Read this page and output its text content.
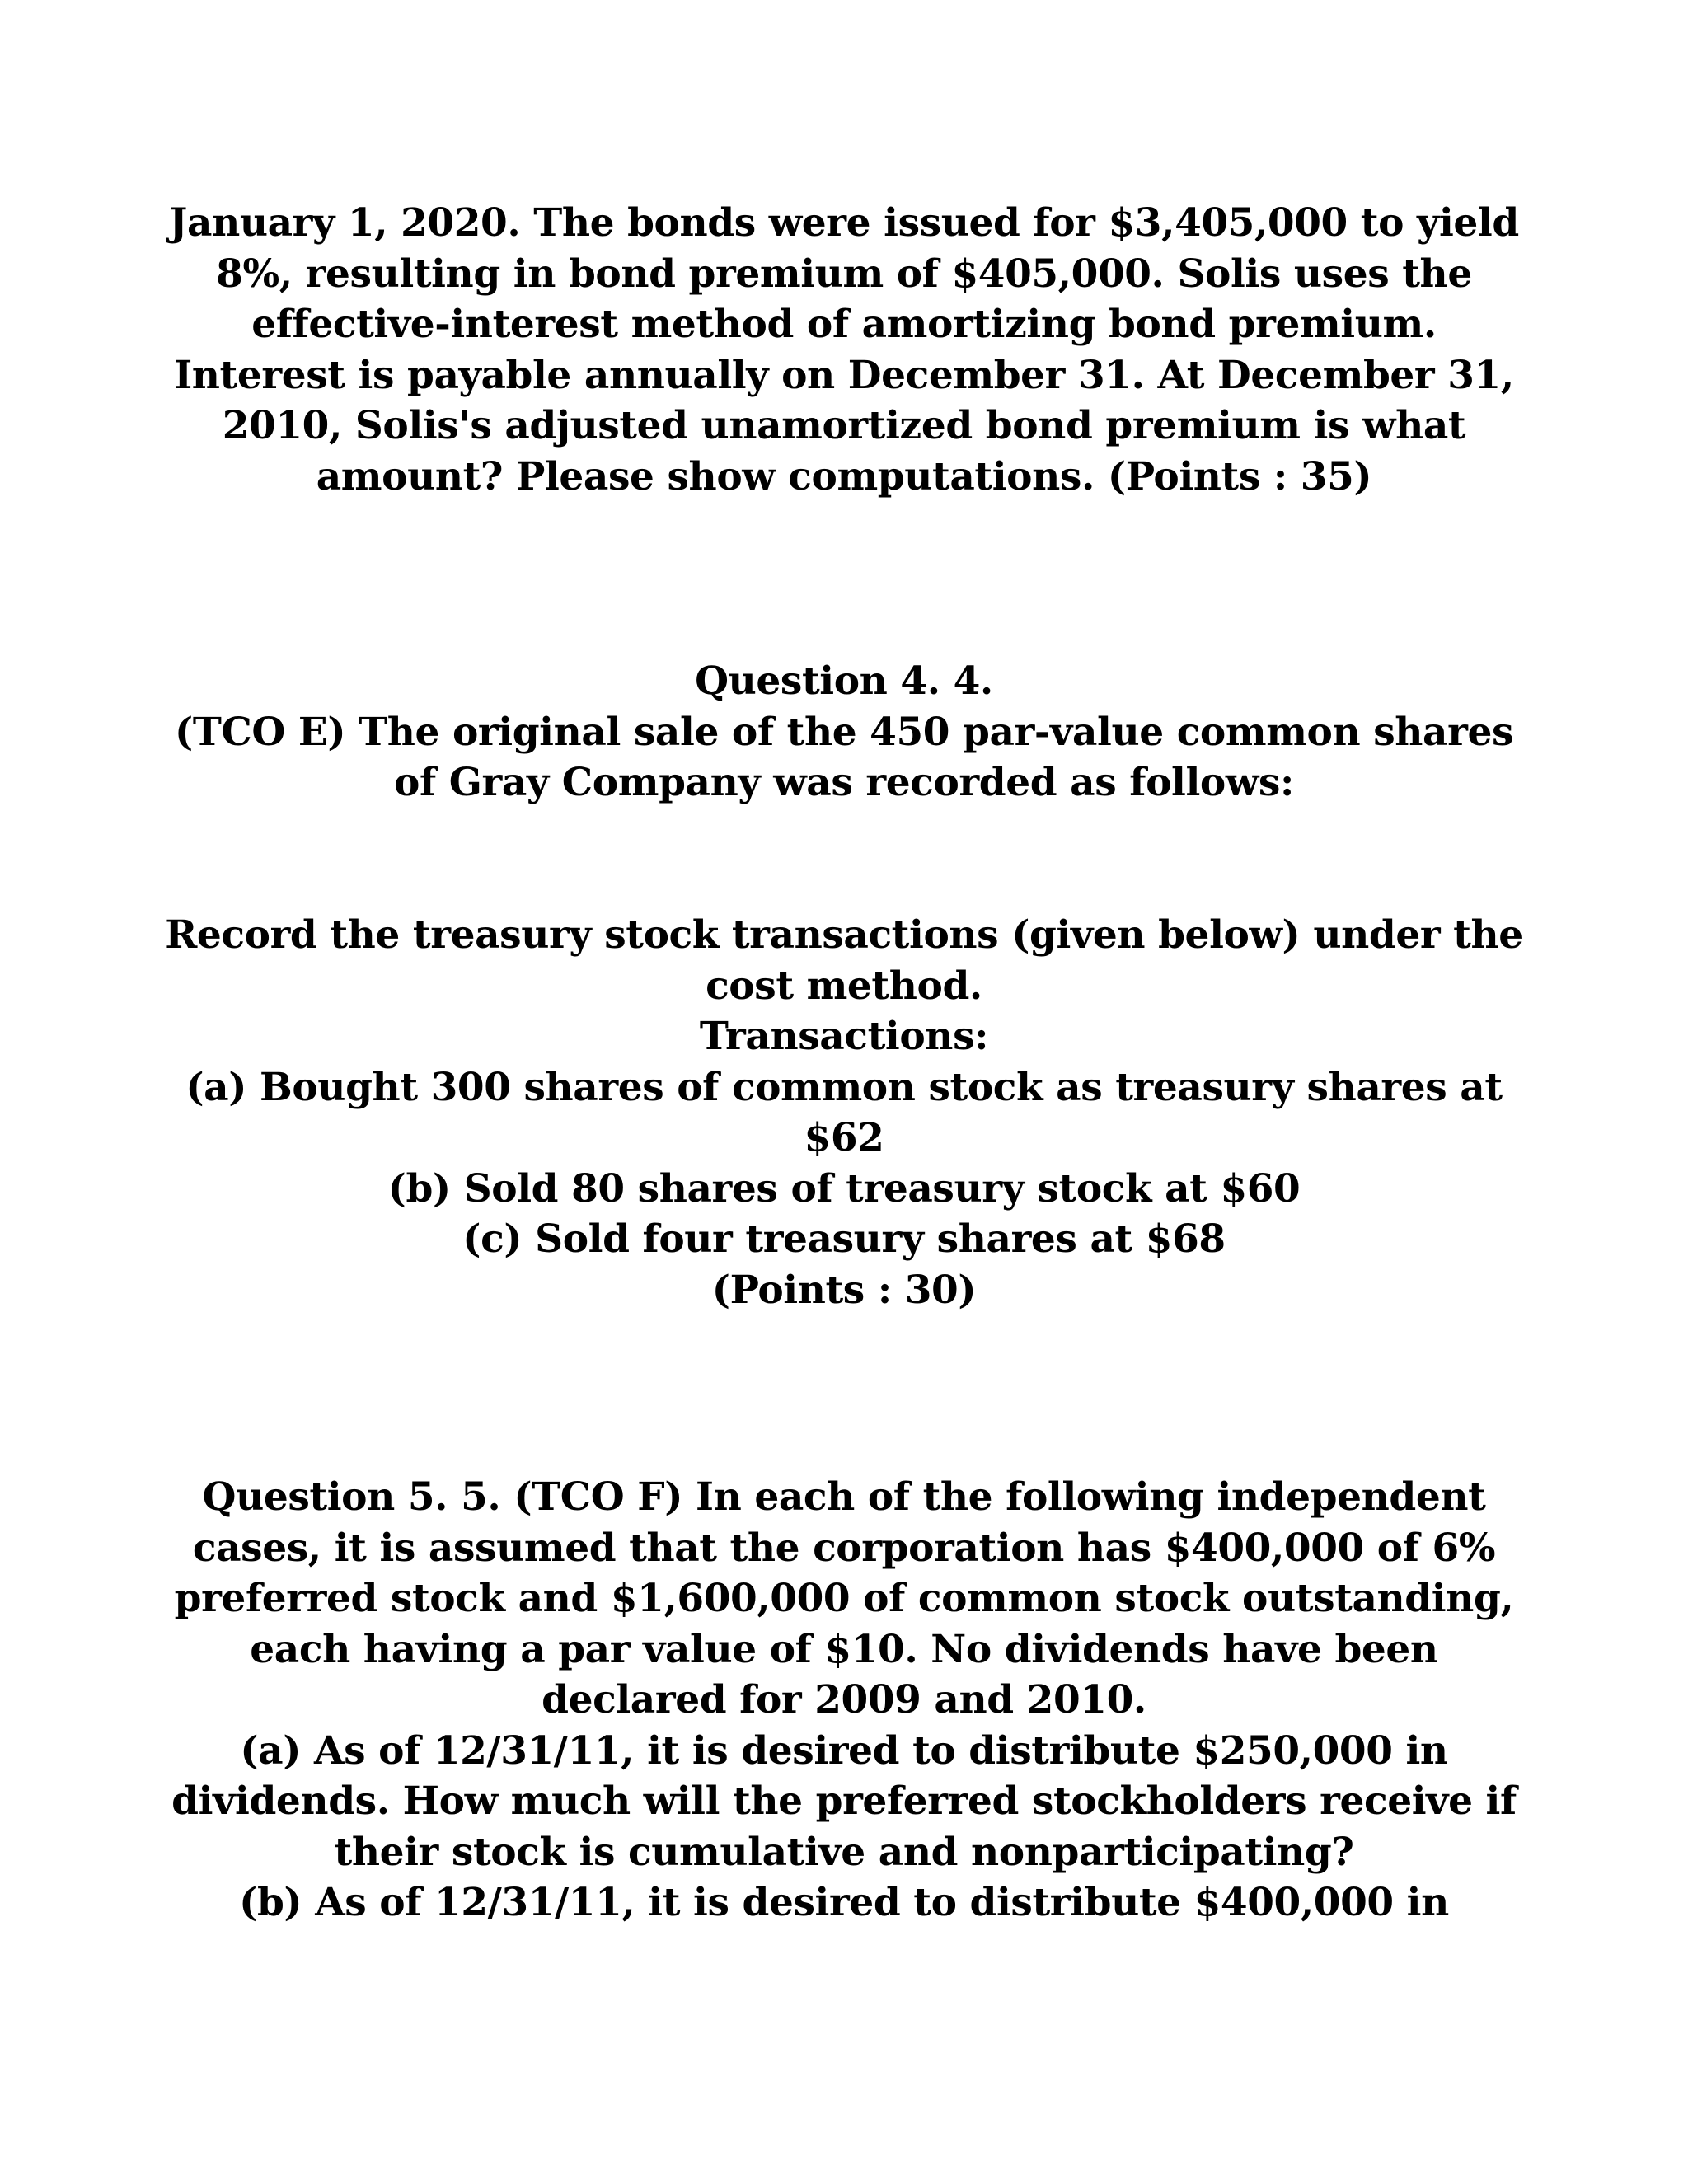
January 1, 2020. The bonds were issued for $3,405,000 to yield
8%, resulting in bond premium of $405,000. Solis uses the
effective-interest method of amortizing bond premium.
Interest is payable annually on December 31. At December 31,
2010, Solis's adjusted unamortized bond premium is what
amount? Please show computations. (Points : 35)
Question 4. 4.
(TCO E) The original sale of the 450 par-value common shares
of Gray Company was recorded as follows:
Record the treasury stock transactions (given below) under the
cost method.
Transactions:
(a) Bought 300 shares of common stock as treasury shares at
$62
(b) Sold 80 shares of treasury stock at $60
(c) Sold four treasury shares at $68
(Points : 30)
Question 5. 5. (TCO F) In each of the following independent
cases, it is assumed that the corporation has $400,000 of 6%
preferred stock and $1,600,000 of common stock outstanding,
each having a par value of $10. No dividends have been
declared for 2009 and 2010.
(a) As of 12/31/11, it is desired to distribute $250,000 in
dividends. How much will the preferred stockholders receive if
their stock is cumulative and nonparticipating?
(b) As of 12/31/11, it is desired to distribute $400,000 in
